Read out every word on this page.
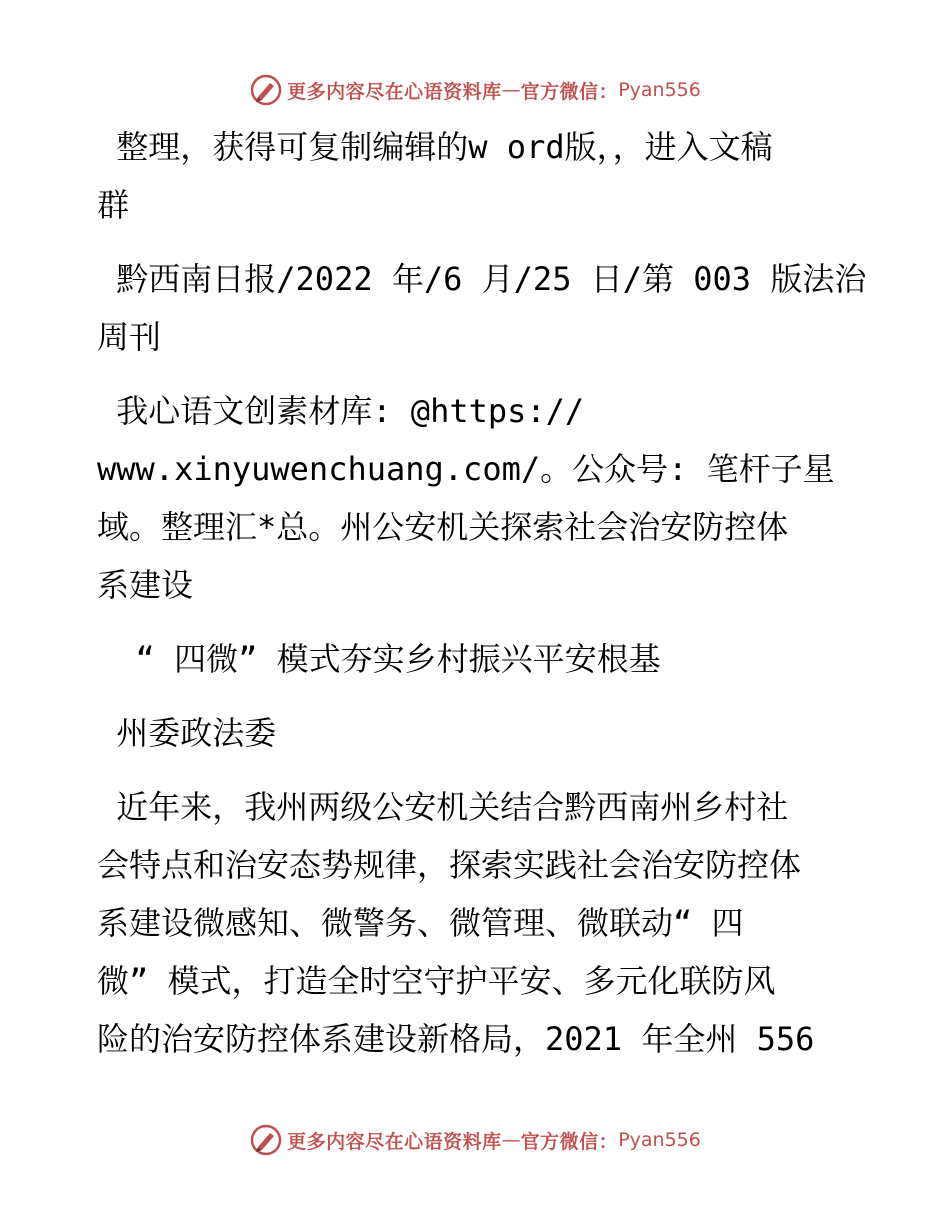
更多内容尽在心语资料库 — 官方微信： Pyan556
整理，获得可复制编辑的w ord版，，进入文稿
群
黔西南日报/2022 年/6 月/25 日/第 003 版法治
周刊
我心语文创素材库: @https://
www.xinyuwenchuang.com/。公众号: 笔杆子星
域。整理汇*总。州公安机关探索社会治安防控体
系建设
“ 四微” 模式夯实乡村振兴平安根基
州委政法委
近年来，我州两级公安机关结合黔西南州乡村社
会特点和治安态势规律，探索实践社会治安防控体
系建设微感知、微警务、微管理、微联动“ 四
微” 模式，打造全时空守护平安、多元化联防风
险的治安防控体系建设新格局，2021 年全州 556
更多内容尽在心语资料库 — 官方微信： Pyan556
